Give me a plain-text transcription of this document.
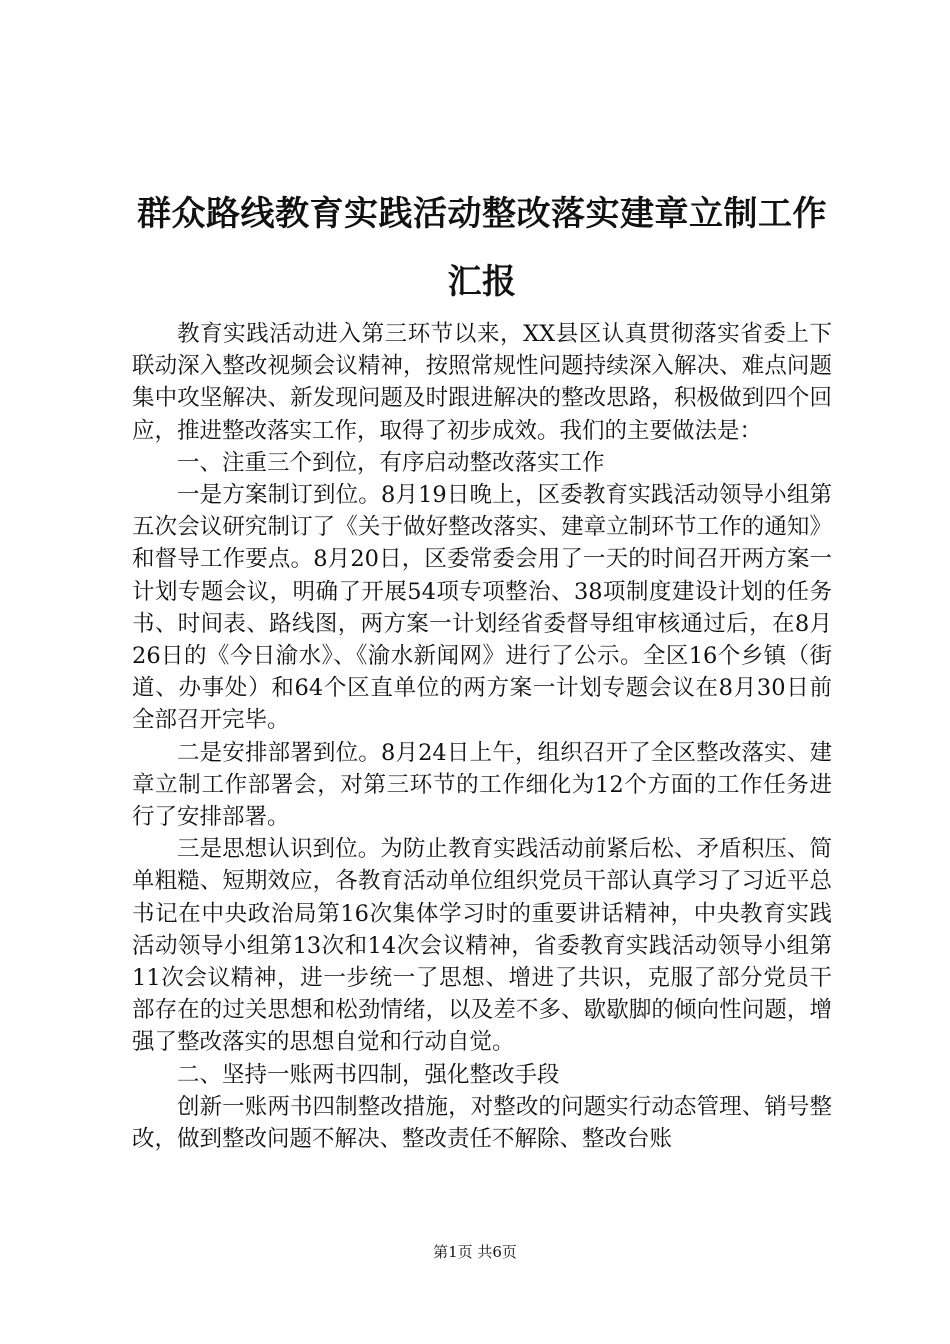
群众路线教育实践活动整改落实建章立制工作汇报

教育实践活动进入第三环节以来，XX县区认真贯彻落实省委上下联动深入整改视频会议精神，按照常规性问题持续深入解决、难点问题集中攻坚解决、新发现问题及时跟进解决的整改思路，积极做到四个回应，推进整改落实工作，取得了初步成效。我们的主要做法是：

一、注重三个到位，有序启动整改落实工作

一是方案制订到位。8月19日晚上，区委教育实践活动领导小组第五次会议研究制订了《关于做好整改落实、建章立制环节工作的通知》和督导工作要点。8月20日，区委常委会用了一天的时间召开两方案一计划专题会议，明确了开展54项专项整治、38项制度建设计划的任务书、时间表、路线图，两方案一计划经省委督导组审核通过后，在8月26日的《今日渝水》、《渝水新闻网》进行了公示。全区16个乡镇（街道、办事处）和64个区直单位的两方案一计划专题会议在8月30日前全部召开完毕。

二是安排部署到位。8月24日上午，组织召开了全区整改落实、建章立制工作部署会，对第三环节的工作细化为12个方面的工作任务进行了安排部署。

三是思想认识到位。为防止教育实践活动前紧后松、矛盾积压、简单粗糙、短期效应，各教育活动单位组织党员干部认真学习了习近平总书记在中央政治局第16次集体学习时的重要讲话精神，中央教育实践活动领导小组第13次和14次会议精神，省委教育实践活动领导小组第11次会议精神，进一步统一了思想、增进了共识，克服了部分党员干部存在的过关思想和松劲情绪，以及差不多、歇歇脚的倾向性问题，增强了整改落实的思想自觉和行动自觉。

二、坚持一账两书四制，强化整改手段

创新一账两书四制整改措施，对整改的问题实行动态管理、销号整改，做到整改问题不解决、整改责任不解除、整改台账

第1页 共6页
